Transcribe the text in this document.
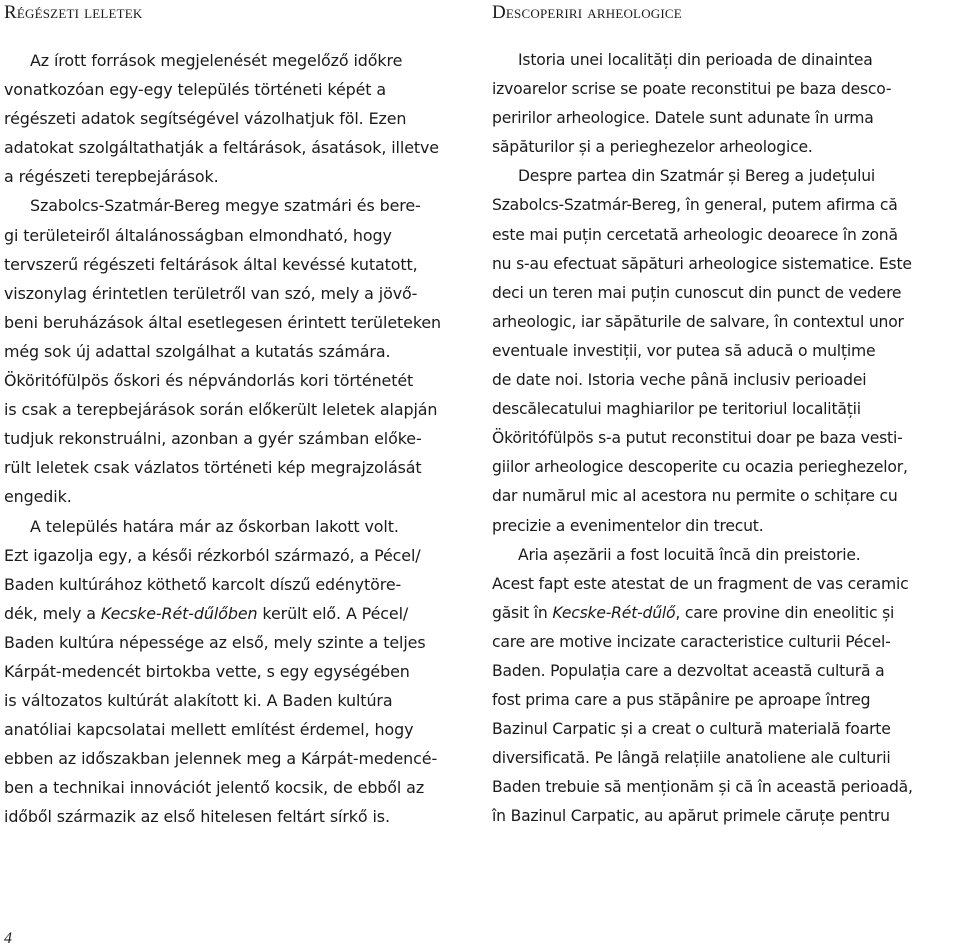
Régészeti leletek
Az írott források megjelenését megelőző időkre
vonatkozóan egy-egy település történeti képét a
régészeti adatok segítségével vázolhatjuk föl. Ezen
adatokat szolgáltathatják a feltárások, ásatások, illetve
a régészeti terepbejárások.
Szabolcs-Szatmár-Bereg megye szatmári és bere-
gi területeiről általánosságban elmondható, hogy
tervszerű régészeti feltárások által kevéssé kutatott,
viszonylag érintetlen területről van szó, mely a jövő-
beni beruházások által esetlegesen érintett területeken
még sok új adattal szolgálhat a kutatás számára.
Ököritófülpös őskori és népvándorlás kori történetét
is csak a terepbejárások során előkerült leletek alapján
tudjuk rekonstruálni, azonban a gyér számban előke-
rült leletek csak vázlatos történeti kép megrajzolását
engedik.
A település határa már az őskorban lakott volt.
Ezt igazolja egy, a késői rézkorból származó, a Pécel/
Baden kultúrához köthető karcolt díszű edénytöre-
dék, mely a Kecske-Rét-dűlőben került elő. A Pécel/
Baden kultúra népessége az első, mely szinte a teljes
Kárpát-medencét birtokba vette, s egy egységében
is változatos kultúrát alakított ki. A Baden kultúra
anatóliai kapcsolatai mellett említést érdemel, hogy
ebben az időszakban jelennek meg a Kárpát-medencé-
ben a technikai innovációt jelentő kocsik, de ebből az
időből származik az első hitelesen feltárt sírkő is.
Descoperiri arheologice
Istoria unei localități din perioada de dinaintea
izvoarelor scrise se poate reconstitui pe baza desco-
peririlor arheologice. Datele sunt adunate în urma
săpăturilor și a perieghezelor arheologice.
Despre partea din Szatmár și Bereg a județului
Szabolcs-Szatmár-Bereg, în general, putem afirma că
este mai puțin cercetată arheologic deoarece în zonă
nu s-au efectuat săpături arheologice sistematice. Este
deci un teren mai puțin cunoscut din punct de vedere
arheologic, iar săpăturile de salvare, în contextul unor
eventuale investiții, vor putea să aducă o mulțime
de date noi. Istoria veche până inclusiv perioadei
descălecatului maghiarilor pe teritoriul localității
Ököritófülpös s-a putut reconstitui doar pe baza vesti-
giilor arheologice descoperite cu ocazia perieghezelor,
dar numărul mic al acestora nu permite o schițare cu
precizie a evenimentelor din trecut.
Aria așezării a fost locuită încă din preistorie.
Acest fapt este atestat de un fragment de vas ceramic
găsit în Kecske-Rét-dűlő, care provine din eneolitic și
care are motive incizate caracteristice culturii Pécel-
Baden. Populația care a dezvoltat această cultură a
fost prima care a pus stăpânire pe aproape întreg
Bazinul Carpatic și a creat o cultură materială foarte
diversificată. Pe lângă relațiile anatoliene ale culturii
Baden trebuie să menționăm și că în această perioadă,
în Bazinul Carpatic, au apărut primele căruțe pentru
4
